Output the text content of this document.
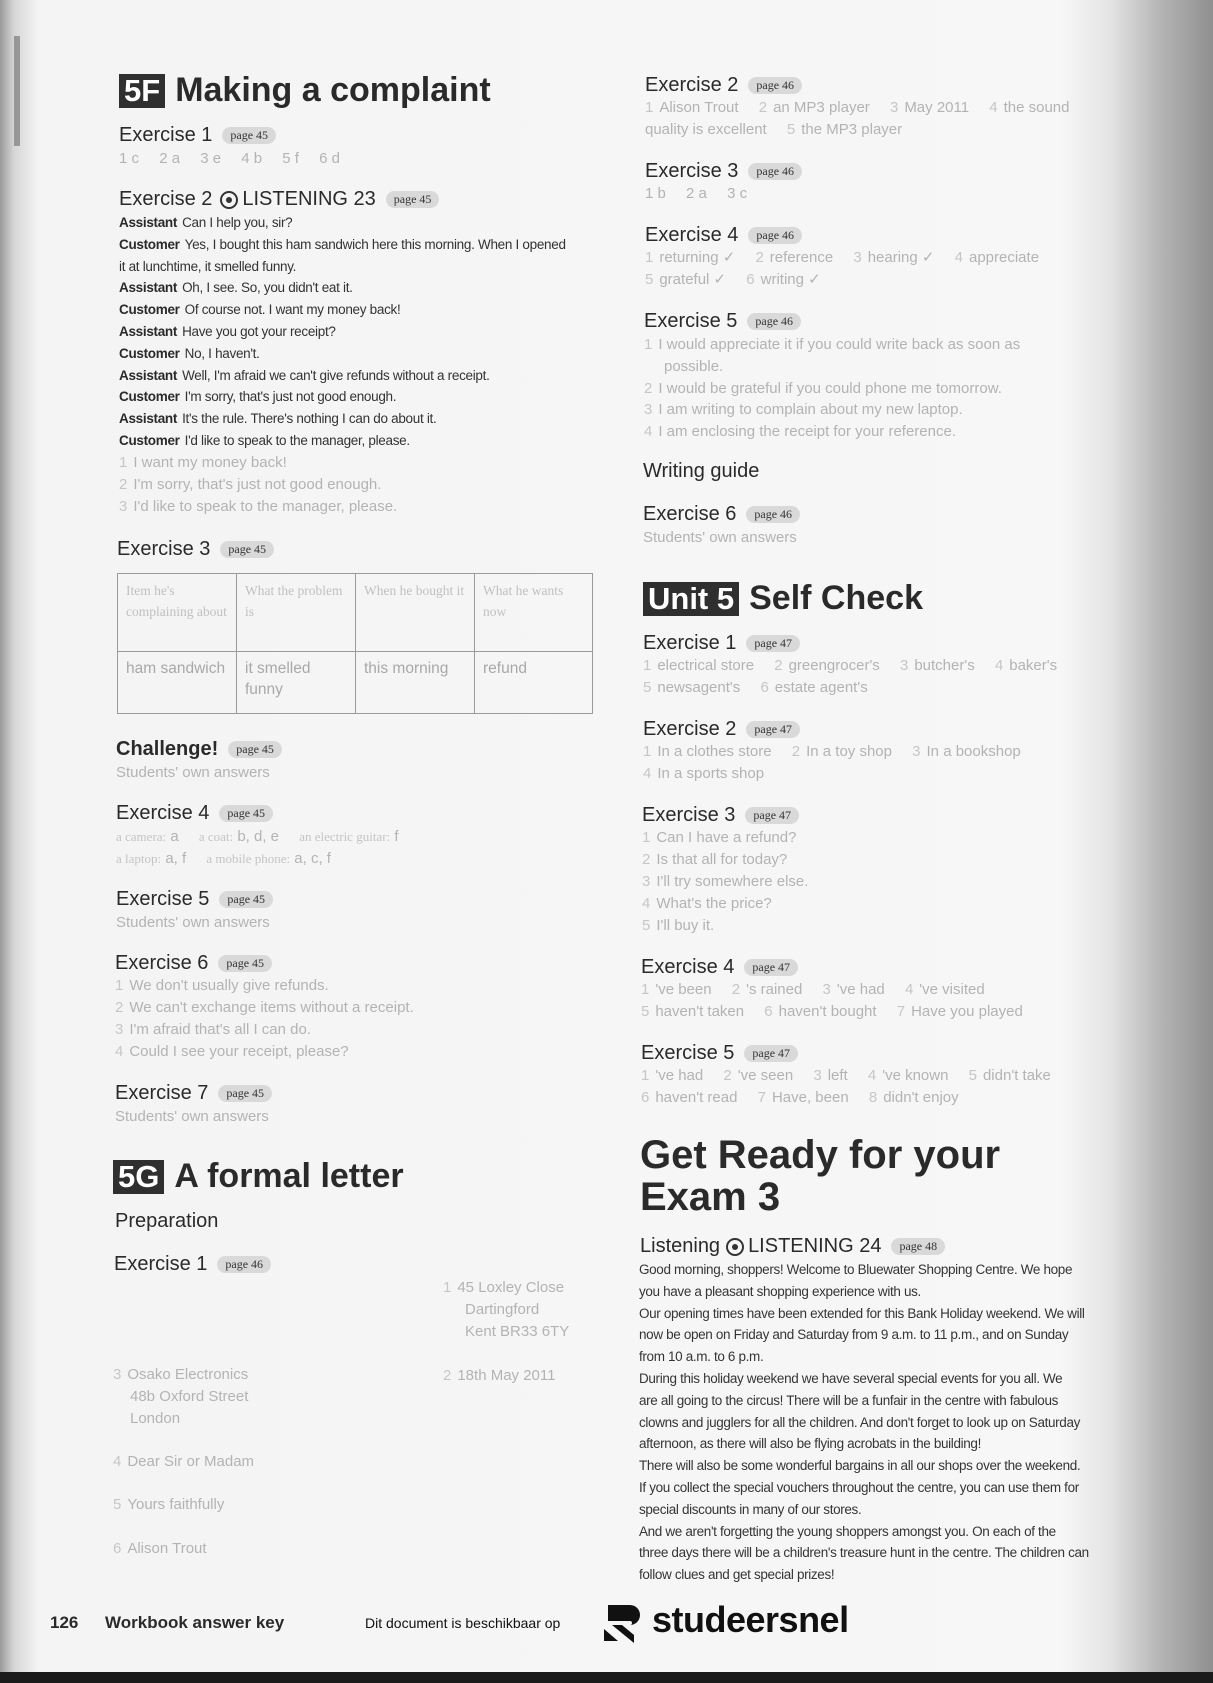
5F Making a complaint
Exercise 1	page 45
1 c 2 a 3 e 4 b 5 f 6 d
Exercise 2 LISTENING 23	page 45
Assistant Can I help you, sir?
Customer Yes, I bought this ham sandwich here this morning. When I opened
it at lunchtime, it smelled funny.
Assistant Oh, I see. So, you didn't eat it.
Customer Of course not. I want my money back!
Assistant Have you got your receipt?
Customer No, I haven't.
Assistant Well, I'm afraid we can't give refunds without a receipt.
Customer I'm sorry, that's just not good enough.
Assistant It's the rule. There's nothing I can do about it.
Customer I'd like to speak to the manager, please.
1 I want my money back!
2 I'm sorry, that's just not good enough.
3 I'd like to speak to the manager, please.
Exercise 3	page 45
Item he's complaining about	What the problem is	When he bought it	What he wants now
ham sandwich	it smelled funny	this morning	refund
Challenge!	page 45
Students' own answers
Exercise 4	page 45
a camera: a a coat: b, d, e an electric guitar: f
a laptop: a, f a mobile phone: a, c, f
Exercise 5	page 45
Students' own answers
Exercise 6	page 45
1 We don't usually give refunds.
2 We can't exchange items without a receipt.
3 I'm afraid that's all I can do.
4 Could I see your receipt, please?
Exercise 7	page 45
Students' own answers
5G A formal letter
Preparation
Exercise 1	page 46
1 45 Loxley Close
Dartingford
Kent BR33 6TY
2 18th May 2011
3 Osako Electronics
48b Oxford Street
London
4 Dear Sir or Madam
5 Yours faithfully
6 Alison Trout
Exercise 2	page 46
1 Alison Trout 2 an MP3 player 3 May 2011 4 the sound
quality is excellent 5 the MP3 player
Exercise 3	page 46
1 b 2 a 3 c
Exercise 4	page 46
1 returning ✓ 2 reference 3 hearing ✓ 4 appreciate
5 grateful ✓ 6 writing ✓
Exercise 5	page 46
1 I would appreciate it if you could write back as soon as
possible.
2 I would be grateful if you could phone me tomorrow.
3 I am writing to complain about my new laptop.
4 I am enclosing the receipt for your reference.
Writing guide
Exercise 6	page 46
Students' own answers
Unit 5 Self Check
Exercise 1	page 47
1 electrical store 2 greengrocer's 3 butcher's 4 baker's
5 newsagent's 6 estate agent's
Exercise 2	page 47
1 In a clothes store 2 In a toy shop 3 In a bookshop
4 In a sports shop
Exercise 3	page 47
1 Can I have a refund?
2 Is that all for today?
3 I'll try somewhere else.
4 What's the price?
5 I'll buy it.
Exercise 4	page 47
1 've been 2 's rained 3 've had 4 've visited
5 haven't taken 6 haven't bought 7 Have you played
Exercise 5	page 47
1 've had 2 've seen 3 left 4 've known 5 didn't take
6 haven't read 7 Have, been 8 didn't enjoy
Get Ready for your
Exam 3
Listening LISTENING 24	page 48
Good morning, shoppers! Welcome to Bluewater Shopping Centre. We hope
you have a pleasant shopping experience with us.
Our opening times have been extended for this Bank Holiday weekend. We will
now be open on Friday and Saturday from 9 a.m. to 11 p.m., and on Sunday
from 10 a.m. to 6 p.m.
During this holiday weekend we have several special events for you all. We
are all going to the circus! There will be a funfair in the centre with fabulous
clowns and jugglers for all the children. And don't forget to look up on Saturday
afternoon, as there will also be flying acrobats in the building!
There will also be some wonderful bargains in all our shops over the weekend.
If you collect the special vouchers throughout the centre, you can use them for
special discounts in many of our stores.
And we aren't forgetting the young shoppers amongst you. On each of the
three days there will be a children's treasure hunt in the centre. The children can
follow clues and get special prizes!
126 Workbook answer key	Dit document is beschikbaar op	studeersnel
